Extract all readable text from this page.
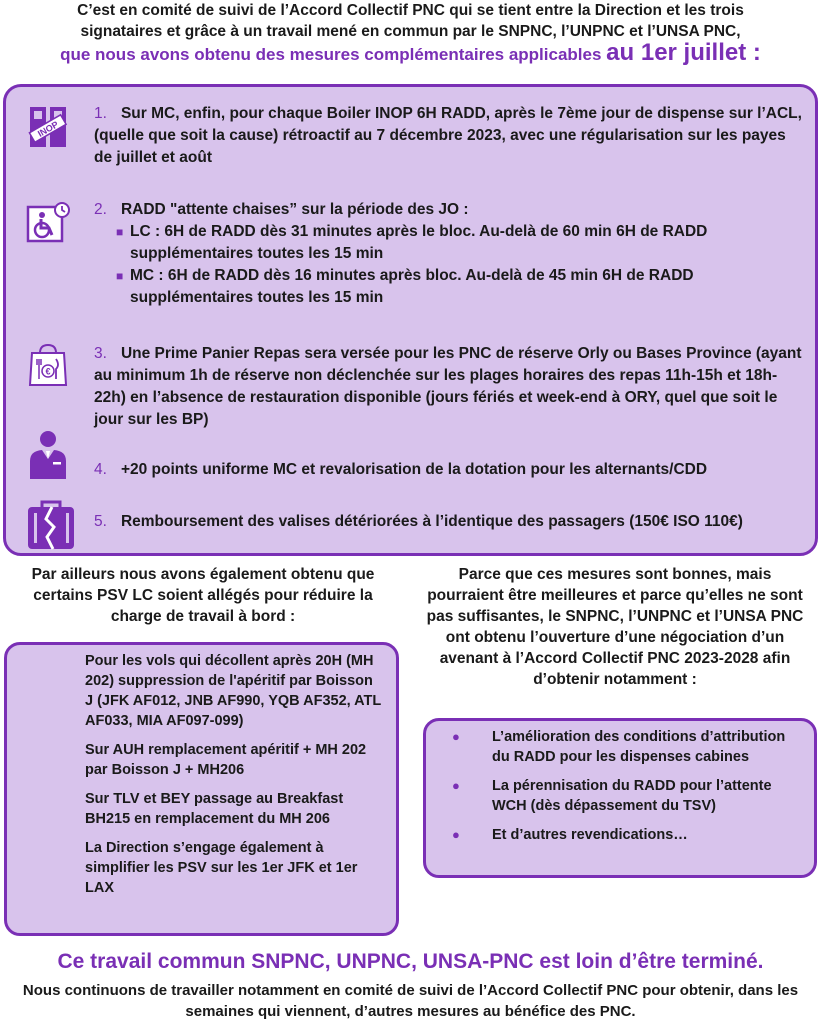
C’est en comité de suivi de l’Accord Collectif PNC qui se tient entre la Direction et les trois
signataires et grâce à un travail mené en commun par le SNPNC, l’UNPNC et l’UNSA PNC,
que nous avons obtenu des mesures complémentaires applicables au 1er juillet :
INOP
1. Sur MC, enfin, pour chaque Boiler INOP 6H RADD, après le 7ème jour de dispense sur l’ACL, (quelle que soit la cause) rétroactif au 7 décembre 2023, avec une régularisation sur les payes de juillet et août
2. RADD "attente chaises” sur la période des JO :
■ LC : 6H de RADD dès 31 minutes après le bloc. Au-delà de 60 min 6H de RADD supplémentaires toutes les 15 min
■ MC : 6H de RADD dès 16 minutes après bloc. Au-delà de 45 min 6H de RADD supplémentaires toutes les 15 min
€
3. Une Prime Panier Repas sera versée pour les PNC de réserve Orly ou Bases Province (ayant au minimum 1h de réserve non déclenchée sur les plages horaires des repas 11h-15h et 18h-22h) en l’absence de restauration disponible (jours fériés et week-end à ORY, quel que soit le jour sur les BP)
4. +20 points uniforme MC et revalorisation de la dotation pour les alternants/CDD
5. Remboursement des valises détériorées à l’identique des passagers (150€ ISO 110€)
Par ailleurs nous avons également obtenu que certains PSV LC soient allégés pour réduire la charge de travail à bord :
Parce que ces mesures sont bonnes, mais pourraient être meilleures et parce qu’elles ne sont pas suffisantes, le SNPNC, l’UNPNC et l’UNSA PNC ont obtenu l’ouverture d’une négociation d’un avenant à l’Accord Collectif PNC 2023-2028 afin d’obtenir notamment :
Pour les vols qui décollent après 20H (MH 202) suppression de l'apéritif par Boisson J (JFK AF012, JNB AF990, YQB AF352, ATL AF033, MIA AF097-099)
Sur AUH remplacement apéritif + MH 202 par Boisson J + MH206
Sur TLV et BEY passage au Breakfast BH215 en remplacement du MH 206
La Direction s’engage également à simplifier les PSV sur les 1er JFK et 1er LAX
● L’amélioration des conditions d’attribution du RADD pour les dispenses cabines
● La pérennisation du RADD pour l’attente WCH (dès dépassement du TSV)
● Et d’autres revendications…
Ce travail commun SNPNC, UNPNC, UNSA-PNC est loin d’être terminé.
Nous continuons de travailler notamment en comité de suivi de l’Accord Collectif PNC pour obtenir, dans les semaines qui viennent, d’autres mesures au bénéfice des PNC.
